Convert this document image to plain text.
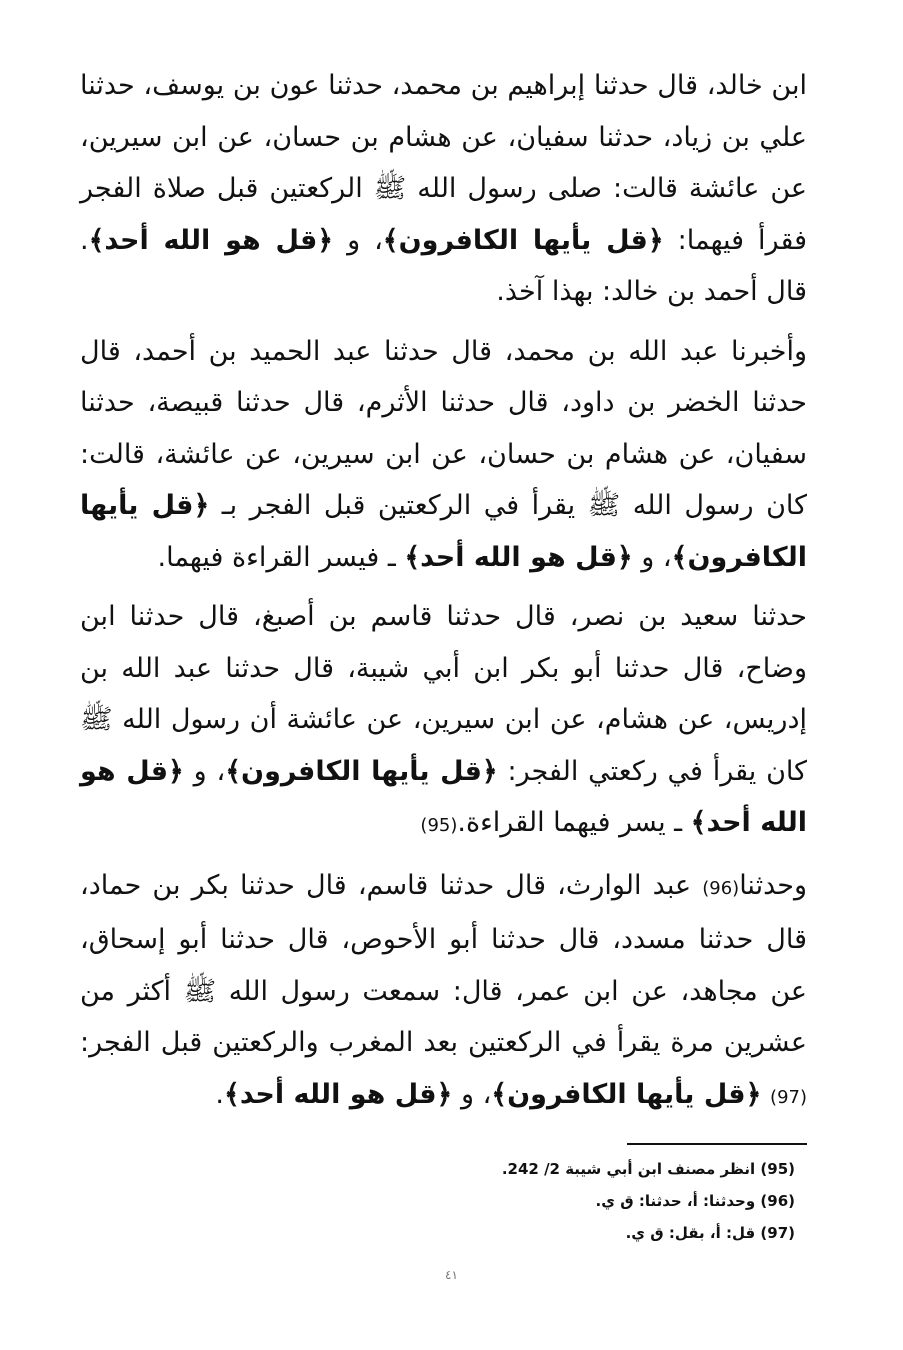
ابن خالد، قال حدثنا إبراهيم بن محمد، حدثنا عون بن يوسف، حدثنا علي بن زياد، حدثنا سفيان، عن هشام بن حسان، عن ابن سيرين، عن عائشة قالت: صلى رسول الله ﷺ الركعتين قبل صلاة الفجر فقرأ فيهما: ﴿قل يأيها الكافرون﴾، و ﴿قل هو الله أحد﴾. قال أحمد بن خالد: بهذا آخذ.

وأخبرنا عبد الله بن محمد، قال حدثنا عبد الحميد بن أحمد، قال حدثنا الخضر بن داود، قال حدثنا الأثرم، قال حدثنا قبيصة، حدثنا سفيان، عن هشام بن حسان، عن ابن سيرين، عن عائشة، قالت: كان رسول الله ﷺ يقرأ في الركعتين قبل الفجر بـ ﴿قل يأيها الكافرون﴾، و ﴿قل هو الله أحد﴾ ـ فيسر القراءة فيهما.

حدثنا سعيد بن نصر، قال حدثنا قاسم بن أصبغ، قال حدثنا ابن وضاح، قال حدثنا أبو بكر ابن أبي شيبة، قال حدثنا عبد الله بن إدريس، عن هشام، عن ابن سيرين، عن عائشة أن رسول الله ﷺ كان يقرأ في ركعتي الفجر: ﴿قل يأيها الكافرون﴾، و ﴿قل هو الله أحد﴾ ـ يسر فيهما القراءة.(95)

وحدثنا(96) عبد الوارث، قال حدثنا قاسم، قال حدثنا بكر بن حماد، قال حدثنا مسدد، قال حدثنا أبو الأحوص، قال حدثنا أبو إسحاق، عن مجاهد، عن ابن عمر، قال: سمعت رسول الله ﷺ أكثر من عشرين مرة يقرأ في الركعتين بعد المغرب والركعتين قبل الفجر:(97) ﴿قل يأيها الكافرون﴾، و ﴿قل هو الله أحد﴾.

(95) انظر مصنف ابن أبي شيبة 2/ 242.

(96) وحدثنا: أ، حدثنا: ق ي.

(97) قل: أ، بقل: ق ي.

٤١
